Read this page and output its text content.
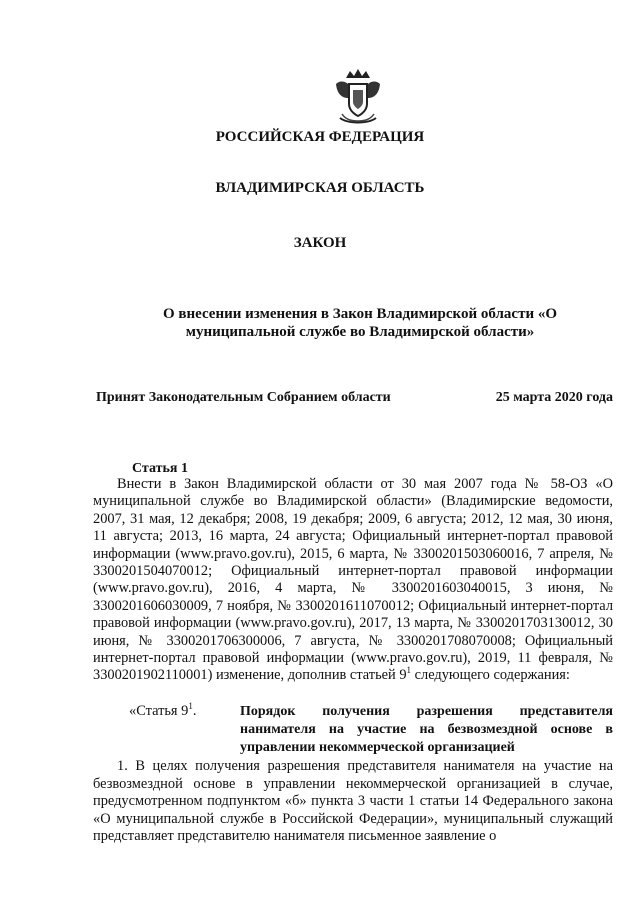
РОССИЙСКАЯ ФЕДЕРАЦИЯ
ВЛАДИМИРСКАЯ ОБЛАСТЬ
ЗАКОН
О внесении изменения в Закон Владимирской области «О муниципальной службе во Владимирской области»
Принят Законодательным Собранием области	25 марта 2020 года
Статья 1
Внести в Закон Владимирской области от 30 мая 2007 года № 58-ОЗ «О муниципальной службе во Владимирской области» (Владимирские ведомости, 2007, 31 мая, 12 декабря; 2008, 19 декабря; 2009, 6 августа; 2012, 12 мая, 30 июня, 11 августа; 2013, 16 марта, 24 августа; Официальный интернет-портал правовой информации (www.pravo.gov.ru), 2015, 6 марта, № 3300201503060016, 7 апреля, № 3300201504070012; Официальный интернет-портал правовой информации (www.pravo.gov.ru), 2016, 4 марта, № 3300201603040015, 3 июня, № 3300201606030009, 7 ноября, № 3300201611070012; Официальный интернет-портал правовой информации (www.pravo.gov.ru), 2017, 13 марта, № 3300201703130012, 30 июня, № 3300201706300006, 7 августа, № 3300201708070008; Официальный интернет-портал правовой информации (www.pravo.gov.ru), 2019, 11 февраля, № 3300201902110001) изменение, дополнив статьей $9^1$ следующего содержания:
«Статья $9^1$.	Порядок получения разрешения представителя нанимателя на участие на безвозмездной основе в управлении некоммерческой организацией
1. В целях получения разрешения представителя нанимателя на участие на безвозмездной основе в управлении некоммерческой организацией в случае, предусмотренном подпунктом «б» пункта 3 части 1 статьи 14 Федерального закона «О муниципальной службе в Российской Федерации», муниципальный служащий представляет представителю нанимателя письменное заявление о
